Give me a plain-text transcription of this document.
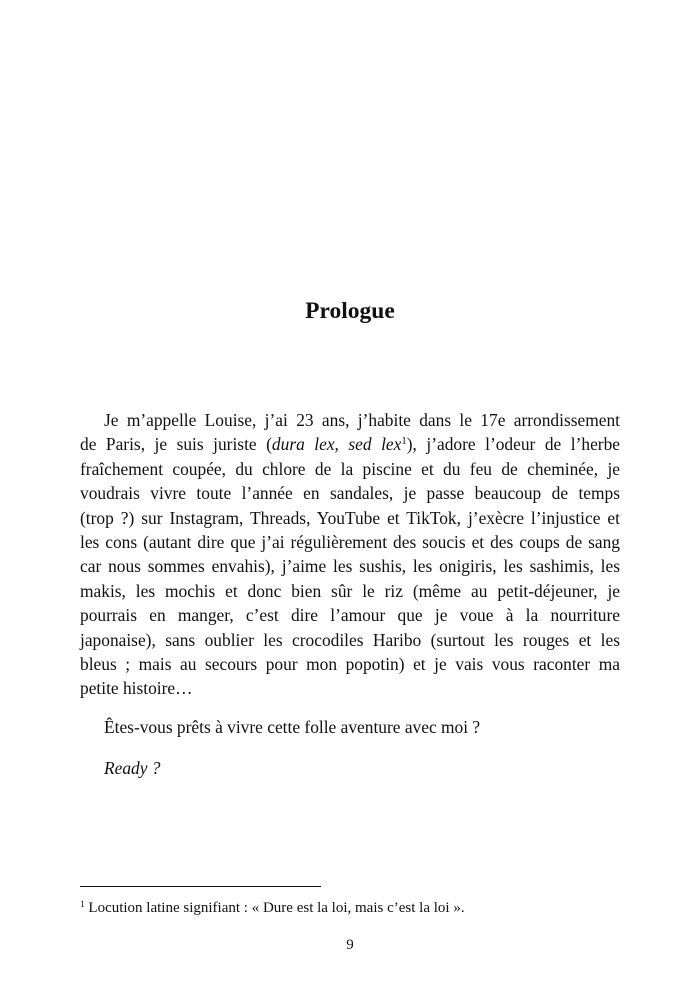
Prologue
Je m’appelle Louise, j’ai 23 ans, j’habite dans le 17e arrondissement
de Paris, je suis juriste (dura lex, sed lex$^1$), j’adore l’odeur de l’herbe
fraîchement coupée, du chlore de la piscine et du feu de cheminée, je
voudrais vivre toute l’année en sandales, je passe beaucoup de temps
(trop ?) sur Instagram, Threads, YouTube et TikTok, j’exècre l’injustice et
les cons (autant dire que j’ai régulièrement des soucis et des coups de sang
car nous sommes envahis), j’aime les sushis, les onigiris, les sashimis, les
makis, les mochis et donc bien sûr le riz (même au petit-déjeuner, je
pourrais en manger, c’est dire l’amour que je voue à la nourriture
japonaise), sans oublier les crocodiles Haribo (surtout les rouges et les
bleus ; mais au secours pour mon popotin) et je vais vous raconter ma
petite histoire…

Êtes-vous prêts à vivre cette folle aventure avec moi ?

Ready ?

$^1$ Locution latine signifiant : « Dure est la loi, mais c’est la loi ».

9
